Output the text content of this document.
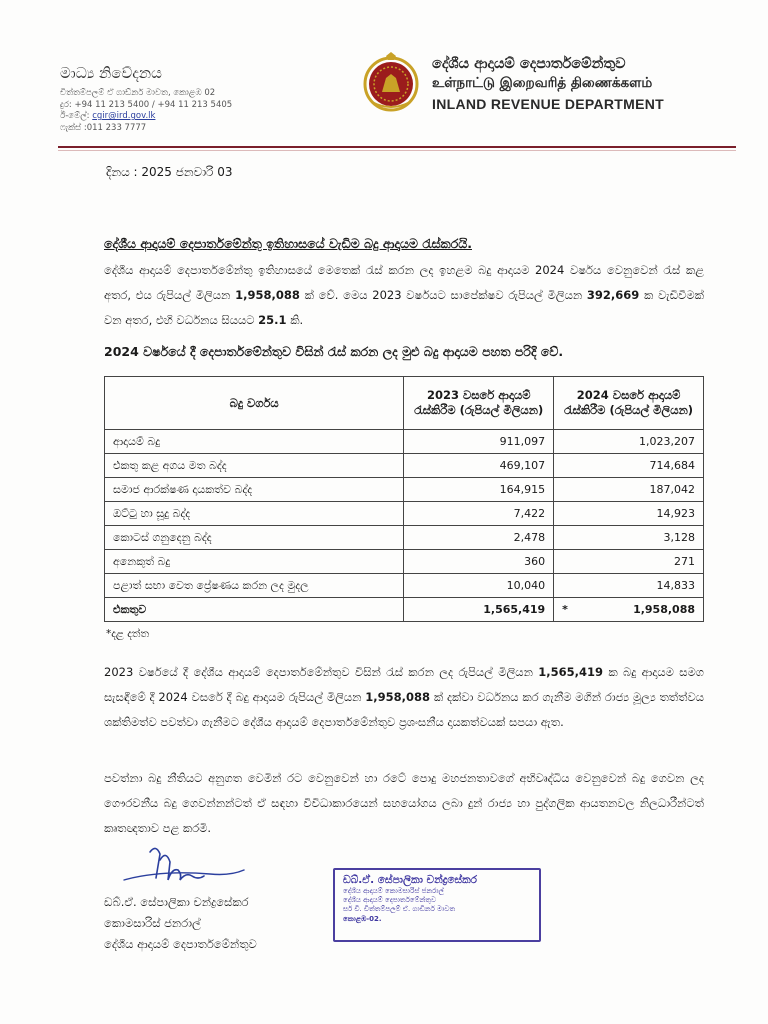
මාධ්‍ය නිවේදනය
චිත්තම්පලම් ඒ ගාඩ්නර් මාවත, කොළඹ 02
දුර: +94 11 213 5400 / +94 11 213 5405
ඊ-මේල්: cgir@ird.gov.lk
ෆැක්ස් :011 233 7777
දේශීය ආදායම් දෙපාර්තමේන්තුව
உள்நாட்டு இறைவரித் திணைக்களம்
INLAND REVENUE DEPARTMENT
දිනය : 2025 ජනවාරි 03
දේශීය ආදායම් දෙපාර්තමේන්තු ඉතිහාසයේ වැඩිම බදු ආදායම රැස්කරයි.
දේශීය ආදායම් දෙපාර්තමේන්තු ඉතිහාසයේ මෙතෙක් රැස් කරන ලද ඉහළම බදු ආදායම 2024 වර්ෂය වෙනුවෙන් රැස් කළ අතර, එය රුපියල් මිලියන 1,958,088 ක් වේ. මෙය 2023 වර්ෂයට සාපේක්ෂව රුපියල් මිලියන 392,669 ක වැඩිවීමක් වන අතර, එහි වර්ධනය සියයට 25.1 කි.
2024 වර්ෂයේ දී දෙපාර්තමේන්තුව විසින් රැස් කරන ලද මුළු බදු ආදායම පහත පරිදි වේ.
බදු වර්ගය	2023 වසරේ ආදායම් රැස්කිරීම (රුපියල් මිලියන)	2024 වසරේ ආදායම් රැස්කිරීම (රුපියල් මිලියන)
ආදායම් බදු	911,097	1,023,207
එකතු කළ අගය මත බද්ද	469,107	714,684
සමාජ ආරක්ෂණ දායකත්ව බද්ද	164,915	187,042
ඔට්ටු හා සූදු බද්ද	7,422	14,923
කොටස් ගනුදෙනු බද්ද	2,478	3,128
අනෙකුත් බදු	360	271
පළාත් සභා වෙත ප්‍රේෂණය කරන ලද මුදල	10,040	14,833
එකතුව	1,565,419	* 1,958,088
*දළ දත්ත
2023 වර්ෂයේ දී දේශීය ආදායම් දෙපාර්තමේන්තුව විසින් රැස් කරන ලද රුපියල් මිලියන 1,565,419 ක බදු ආදායම සමග සැසඳීමේ දී 2024 වසරේ දී බදු ආදායම රුපියල් මිලියන 1,958,088 ක් දක්වා වර්ධනය කර ගැනීම මගින් රාජ්‍ය මූල්‍ය තත්ත්වය ශක්තිමත්ව පවත්වා ගැනීමට දේශීය ආදායම් දෙපාර්තමේන්තුව ප්‍රශංසනීය දායකත්වයක් සපයා ඇත.
පවත්නා බදු නීතියට අනුගත වෙමින් රට වෙනුවෙන් හා රටේ පොදු මහජනතාවගේ අභිවෘද්ධිය වෙනුවෙන් බදු ගෙවන ලද ගෞරවනීය බදු ගෙවන්නන්ටත් ඒ සඳහා විවිධාකාරයෙන් සහයෝගය ලබා දුන් රාජ්‍ය හා පුද්ගලික ආයතනවල නිලධාරීන්ටත් කෘතඥතාව පළ කරමි.
ඩබ්.ඒ. සේපාලිකා චන්ද්‍රසේකර
කොමසාරිස් ජනරාල්
දේශීය ආදායම් දෙපාර්තමේන්තුව
ඩබ්.ඒ. සේපාලිකා චන්ද්‍රසේකර
දේශීය ආදායම් කොමසාරිස් ජනරාල්
දේශීය ආදායම් දෙපාර්තමේන්තුව
සර් චි. චිත්තම්පලම් ඒ. ගාඩිනර් මාවත
කොළඹ-02.
